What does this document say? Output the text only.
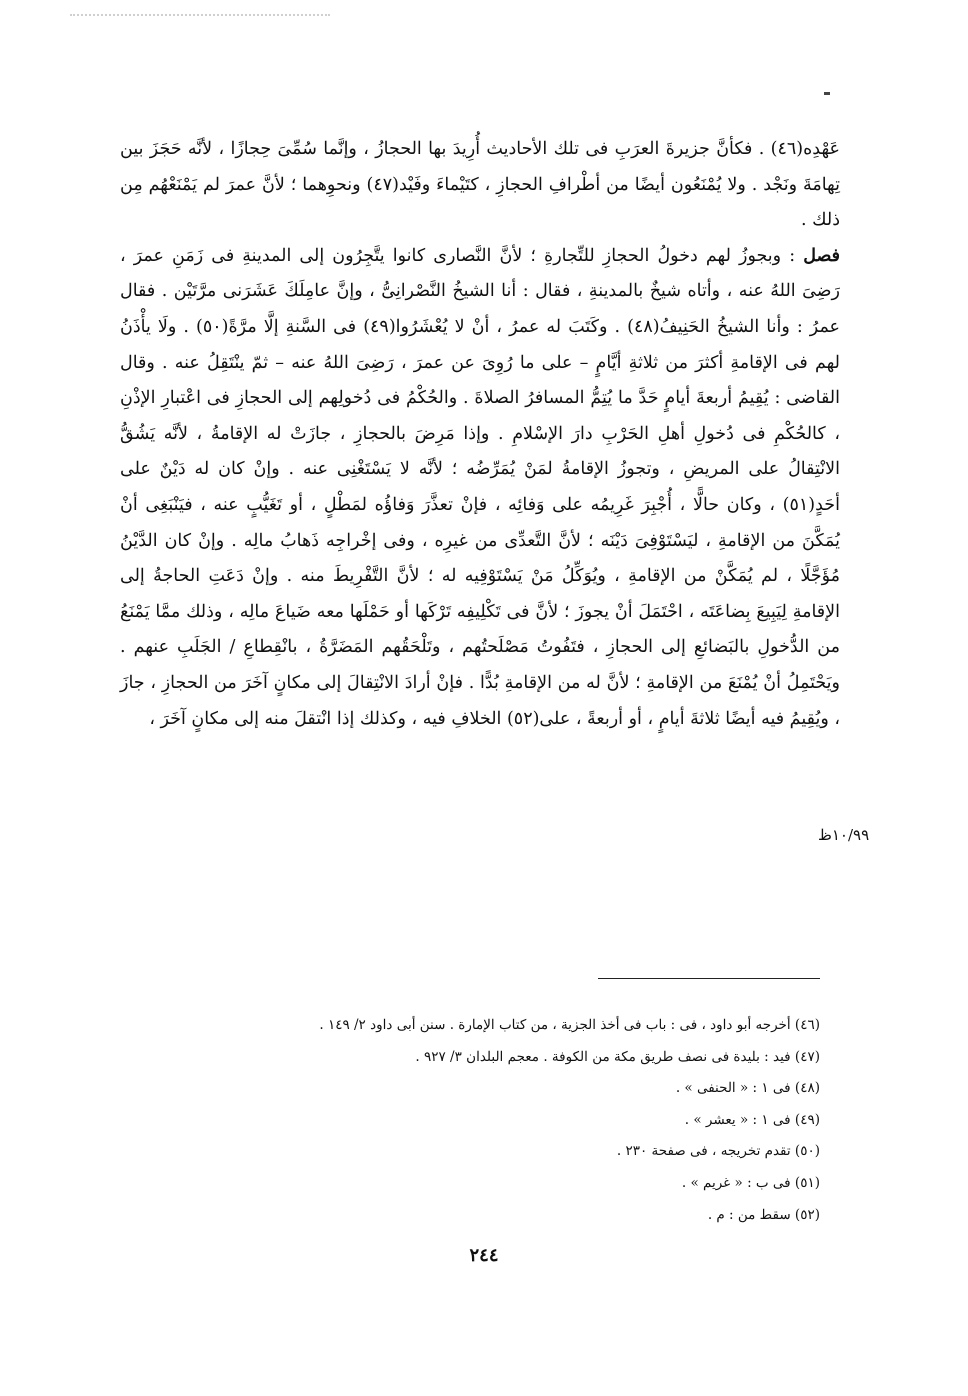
عَهْدِه(٤٦) . فكأنَّ جزيرةَ العرَبِ فى تلك الأحاديث أُرِيدَ بها الحجازُ ، وإنَّما سُمِّىَ حِجازًا ، لأنَّه حَجَزَ بين تِهامَةَ ونَجْد . ولا يُمْنَعُون أيضًا من أطْرافِ الحجازِ ، كتَيْماءَ وفَيْد(٤٧) ونحوِهما ؛ لأنَّ عمرَ لم يَمْنَعْهُم مِن ذلك .

فصل : وبجوزُ لهم دخولُ الحجازِ للتِّجارةِ ؛ لأنَّ النَّصارى كانوا يتَّجِرُون إلى المدينةِ فى زَمَنِ عمرَ ، رَضِىَ اللهُ عنه ، وأتاه شيخٌ بالمدينةِ ، فقال : أنا الشيخُ النَّصْرانِىُّ ، وإنَّ عامِلَكَ عَشَرَنى مرَّتَيْن . فقال عمرُ : وأنا الشيخُ الحَنِيفُ(٤٨) . وكَتَبَ له عمرُ ، أنْ لا يُعْشَرُوا(٤٩) فى السَّنةِ إلَّا مرَّةً(٥٠) . ولَا يأْذَنُ لهم فى الإقامةِ أكثرَ من ثلاثةِ أيَّامٍ – على ما رُوِىَ عن عمرَ ، رَضِىَ اللهُ عنه – ثمّ ينْتَقِلُ عنه . وقال القاضى : يُقِيمُ أربعةَ أيامٍ حَدَّ ما يُتِمُّ المسافرُ الصلاةَ . والحُكْمُ فى دُخولِهم إلى الحجازِ فى اعْتبارِ الإذْنِ ، كالحُكْمِ فى دُخولِ أهلِ الحَرْبِ دارَ الإسْلامِ . وإذا مَرِضَ بالحجازِ ، جازَتْ له الإقامةُ ، لأنَّه يَشُقُّ الانْتِقالُ على المريضِ ، وتجوزُ الإقامةُ لمَنْ يُمَرِّضُه ؛ لأنَّه لا يَسْتَغْنِى عنه . وإنْ كان له دَيْنٌ على أحَدٍ(٥١) ، وكان حالًّا ، أُجْبِرَ غَرِيمُه على وَفائِه ، فإنْ تعذَّرَ وَفاؤُه لمَطْلٍ ، أو تَغَيُّبٍ عنه ، فيَنْبَغِى أنْ يُمَكَّنَ من الإقامةِ ، ليَسْتَوْفِىَ دَيْنَه ؛ لأنَّ التَّعدِّى من غيرِه ، وفى إخْراجِه ذَهابُ مالِه . وإنْ كان الدَّيْنُ مُؤَجَّلًا ، لم يُمَكَّنْ من الإقامةِ ، ويُوَكِّلُ مَنْ يَسْتَوْفِيه له ؛ لأنَّ التَّفْرِيطَ منه . وإنْ دَعَتِ الحاجةُ إلى الإقامةِ لِيَبِيعَ بِضاعَتَه ، احْتَمَلَ أنْ يجوزَ ؛ لأنَّ فى تَكْلِيفِه تَرْكَها أو حَمْلَها معه ضَياعَ مالِه ، وذلك ممَّا يَمْنَعُ من الدُّخولِ بالبَضائعِ إلى الحجازِ ، فتَفُوتُ مَصْلَحتُهم ، وتَلْحَقُهم المَضَرَّةُ ، بانْقِطاعِ / الجَلَبِ عنهم . ويَحْتَمِلُ أنْ يُمْنَعَ من الإقامةِ ؛ لأنَّ له من الإقامةِ بُدًّا . فإنْ أرادَ الانْتِقالَ إلى مكانٍ آخَرَ من الحجازِ ، جازَ ، ويُقِيمُ فيه أيضًا ثلاثةَ أيامٍ ، أو أربعةً ، على(٥٢) الخلافِ فيه ، وكذلك إذا انْتقلَ منه إلى مكانٍ آخَرَ ،

١٠/٩٩ظ
(٤٦) أخرجه أبو داود ، فى : باب فى أخذ الجزية ، من كتاب الإمارة . سنن أبى داود ٢/ ١٤٩ .
(٤٧) فيد : بليدة فى نصف طريق مكة من الكوفة . معجم البلدان ٣/ ٩٢٧ .
(٤٨) فى ١ : « الحنفى » .
(٤٩) فى ١ : « يعشر » .
(٥٠) تقدم تخريجه ، فى صفحة ٢٣٠ .
(٥١) فى ب : « غريم » .
(٥٢) سقط من : م .
٢٤٤
